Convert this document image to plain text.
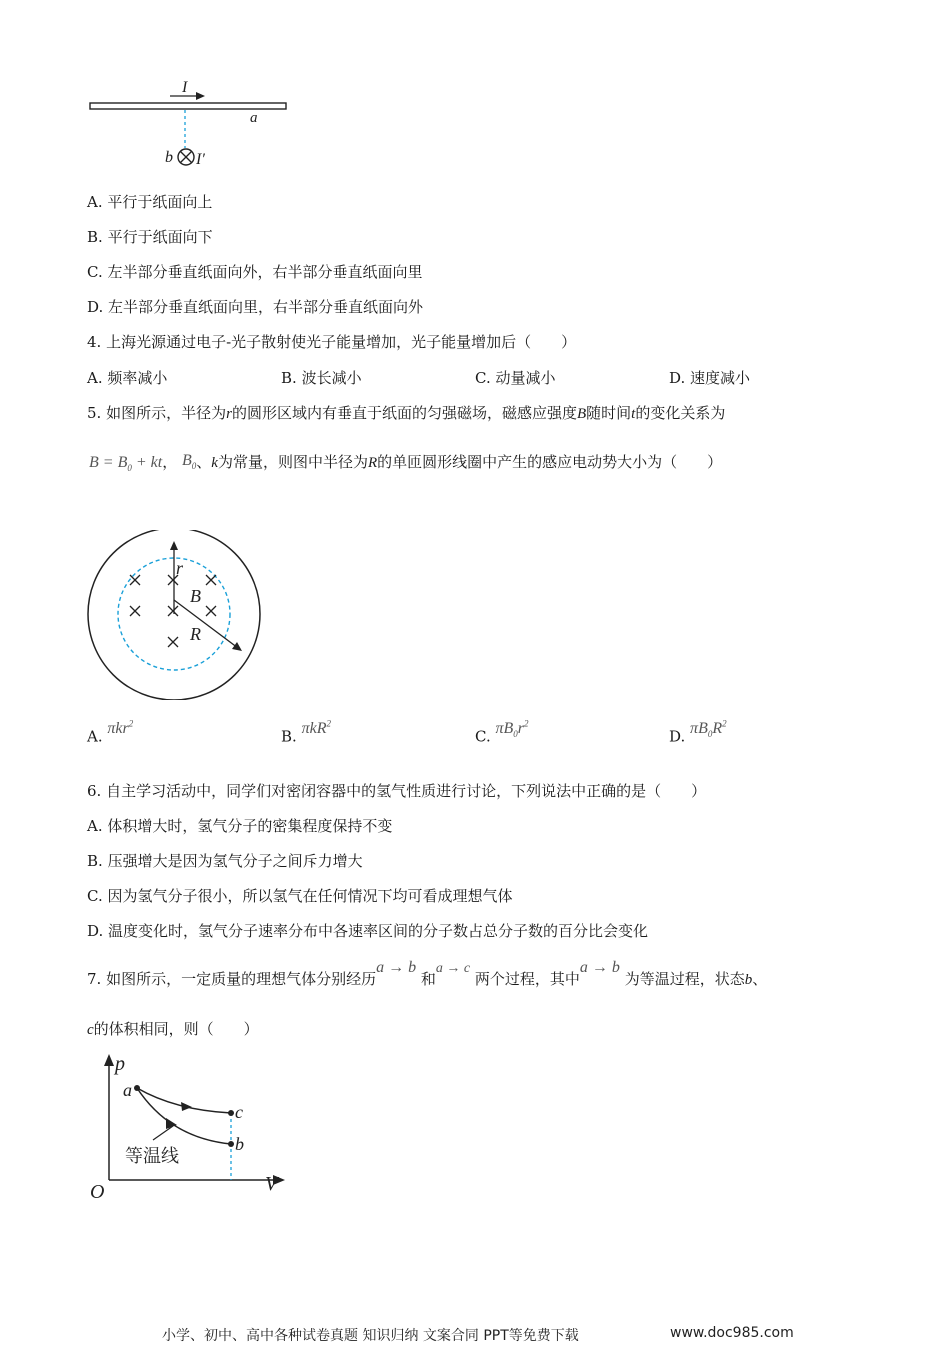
I
a
b I′
A. 平行于纸面向上
B. 平行于纸面向下
C. 左半部分垂直纸面向外，右半部分垂直纸面向里
D. 左半部分垂直纸面向里，右半部分垂直纸面向外
4. 上海光源通过电子-光子散射使光子能量增加，光子能量增加后（　　）
A. 频率减小	B. 波长减小	C. 动量减小	D. 速度减小
5. 如图所示，半径为r的圆形区域内有垂直于纸面的匀强磁场，磁感应强度B随时间t的变化关系为
$B = B_0$ + kt， $B_0$、k为常量，则图中半径为R的单匝圆形线圈中产生的感应电动势大小为（　　）
r
B
R
A. πkr$^2$
B. πkR$^2$
C. $\pi B_0r^2$
D. $\pi B_0R^2$
6. 自主学习活动中，同学们对密闭容器中的氢气性质进行讨论，下列说法中正确的是（　　）
A. 体积增大时，氢气分子的密集程度保持不变
B. 压强增大是因为氢气分子之间斥力增大
C. 因为氢气分子很小，所以氢气在任何情况下均可看成理想气体
D. 温度变化时，氢气分子速率分布中各速率区间的分子数占总分子数的百分比会变化
7. 如图所示，一定质量的理想气体分别经历a → b 和a → c 两个过程，其中a → b 为等温过程，状态b、
c的体积相同，则（　　）
p
V
O
a
c
b
等温线
小学、初中、高中各种试卷真题 知识归纳 文案合同 PPT等免费下载	www.doc985.com
